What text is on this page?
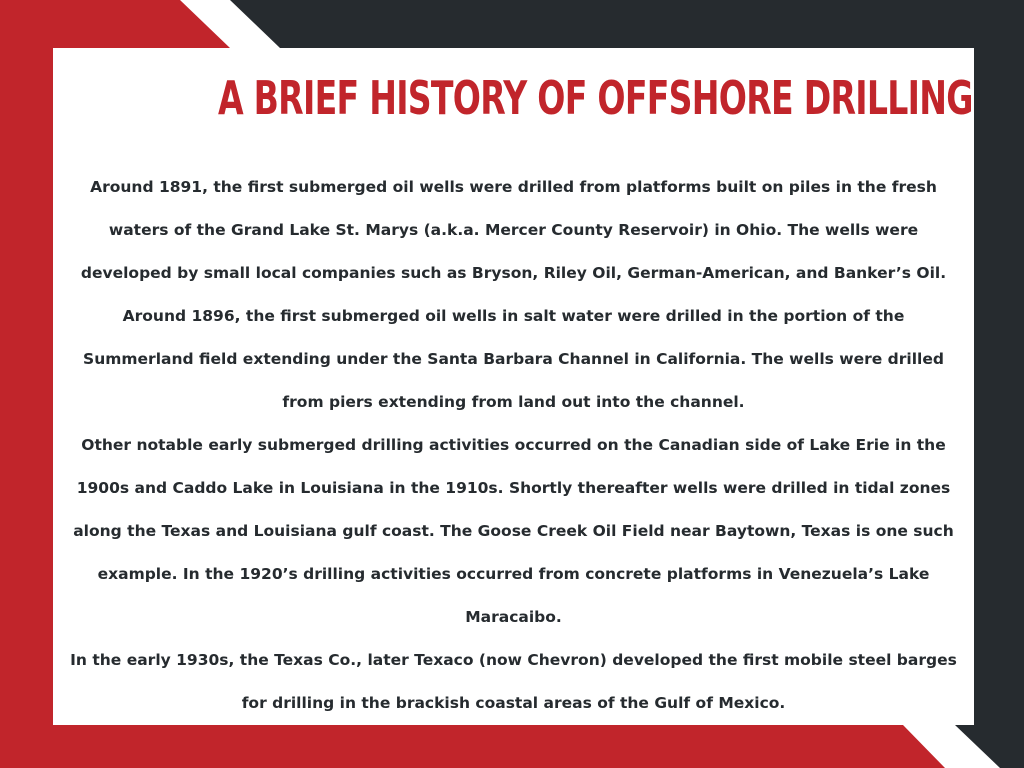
A BRIEF HISTORY OF OFFSHORE DRILLING

Around 1891, the first submerged oil wells were drilled from platforms built on piles in the fresh waters of the Grand Lake St. Marys (a.k.a. Mercer County Reservoir) in Ohio. The wells were developed by small local companies such as Bryson, Riley Oil, German-American, and Banker’s Oil.

Around 1896, the first submerged oil wells in salt water were drilled in the portion of the Summerland field extending under the Santa Barbara Channel in California. The wells were drilled from piers extending from land out into the channel.

Other notable early submerged drilling activities occurred on the Canadian side of Lake Erie in the 1900s and Caddo Lake in Louisiana in the 1910s. Shortly thereafter wells were drilled in tidal zones along the Texas and Louisiana gulf coast. The Goose Creek Oil Field near Baytown, Texas is one such example. In the 1920’s drilling activities occurred from concrete platforms in Venezuela’s Lake Maracaibo.

In the early 1930s, the Texas Co., later Texaco (now Chevron) developed the first mobile steel barges for drilling in the brackish coastal areas of the Gulf of Mexico.
